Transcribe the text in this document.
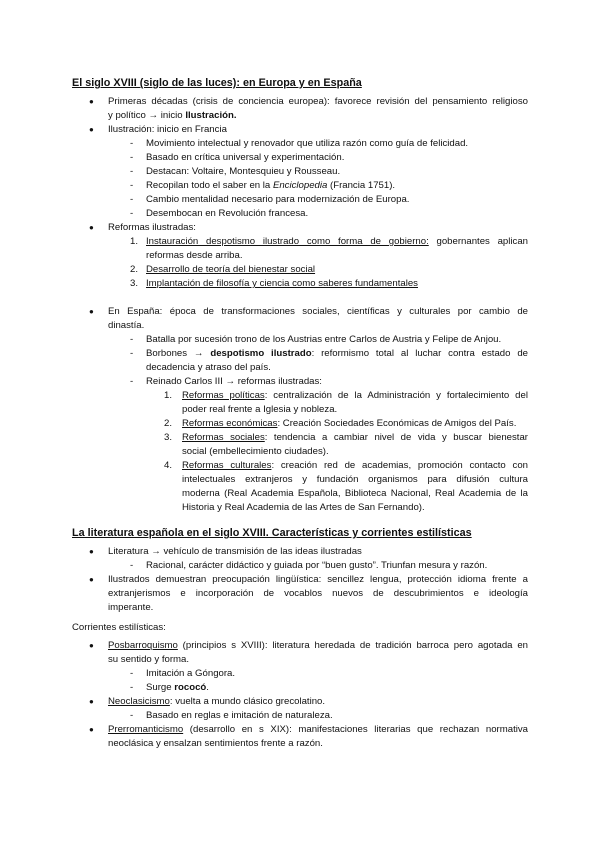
El siglo XVIII (siglo de las luces): en Europa y en España
● Primeras décadas (crisis de conciencia europea): favorece revisión del pensamiento religioso
y político → inicio Ilustración.
● Ilustración: inicio en Francia
- Movimiento intelectual y renovador que utiliza razón como guía de felicidad.
- Basado en crítica universal y experimentación.
- Destacan: Voltaire, Montesquieu y Rousseau.
- Recopilan todo el saber en la Enciclopedia (Francia 1751).
- Cambio mentalidad necesario para modernización de Europa.
- Desembocan en Revolución francesa.
● Reformas ilustradas:
1. Instauración despotismo ilustrado como forma de gobierno: gobernantes aplican
reformas desde arriba.
2. Desarrollo de teoría del bienestar social
3. Implantación de filosofía y ciencia como saberes fundamentales
● En España: época de transformaciones sociales, científicas y culturales por cambio de
dinastía.
- Batalla por sucesión trono de los Austrias entre Carlos de Austria y Felipe de Anjou.
- Borbones → despotismo ilustrado: reformismo total al luchar contra estado de
decadencia y atraso del país.
- Reinado Carlos III → reformas ilustradas:
1. Reformas políticas: centralización de la Administración y fortalecimiento del
poder real frente a Iglesia y nobleza.
2. Reformas económicas: Creación Sociedades Económicas de Amigos del País.
3. Reformas sociales: tendencia a cambiar nivel de vida y buscar bienestar
social (embellecimiento ciudades).
4. Reformas culturales: creación red de academias, promoción contacto con
intelectuales extranjeros y fundación organismos para difusión cultura
moderna (Real Academia Española, Biblioteca Nacional, Real Academia de la
Historia y Real Academia de las Artes de San Fernando).
La literatura española en el siglo XVIII. Características y corrientes estilísticas
● Literatura → vehículo de transmisión de las ideas ilustradas
- Racional, carácter didáctico y guiada por “buen gusto”. Triunfan mesura y razón.
● Ilustrados demuestran preocupación lingüística: sencillez lengua, protección idioma frente a
extranjerismos e incorporación de vocablos nuevos de descubrimientos e ideología
imperante.
Corrientes estilísticas:
● Posbarroquismo (principios s XVIII): literatura heredada de tradición barroca pero agotada en
su sentido y forma.
- Imitación a Góngora.
- Surge rococó.
● Neoclasicismo: vuelta a mundo clásico grecolatino.
- Basado en reglas e imitación de naturaleza.
● Prerromanticismo (desarrollo en s XIX): manifestaciones literarias que rechazan normativa
neoclásica y ensalzan sentimientos frente a razón.
